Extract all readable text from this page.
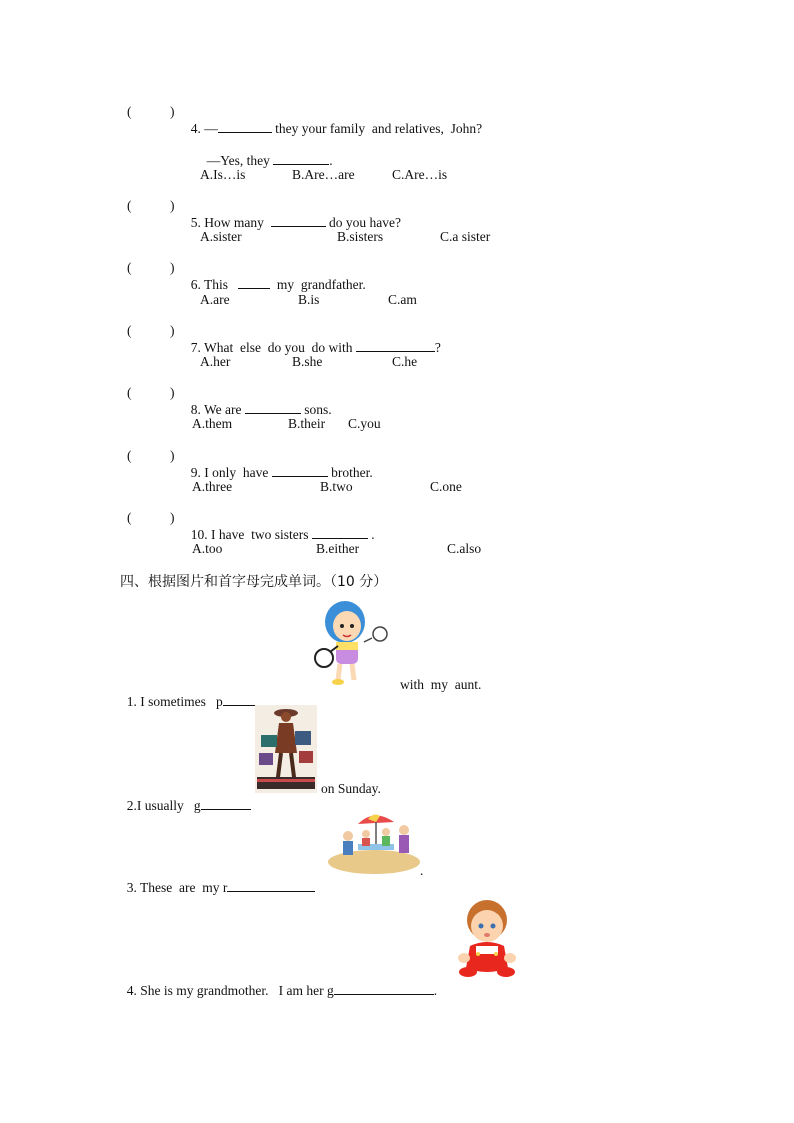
(	)

4. —	they your family  and relatives,  John?

—Yes, they	.

A.Is…is	B.Are…are	C.Are…is
(	)

5. How many	do you have?

A.sister	B.sisters	C.a sister
(	)

6. This	my  grandfather.

A.are	B.is	C.am
(	)

7. What  else  do you  do with	?

A.her	B.she	C.he
(	)

8. We are	sons.

A.them	B.their C.you
(	)

9. I only  have	brother.

A.three	B.two	C.one
(	)

10. I have  two sisters	.

A.too	B.either	C.also
四、根据图片和首字母完成单词。（10 分）

1. I sometimes   p

with  my  aunt.

2.I usually   g

on Sunday.

3. These  are  my r

.

4. She is my grandmother.   I am her g	.
